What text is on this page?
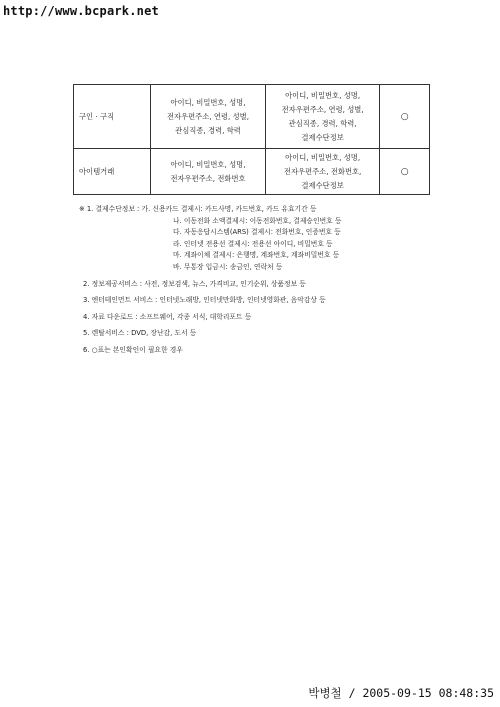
http://www.bcpark.net
구인 · 구직	아이디, 비밀번호, 성명,
전자우편주소, 연령, 성별,
관심직종, 경력, 학력	아이디, 비밀번호, 성명,
전자우편주소, 연령, 성별,
관심직종, 경력, 학력,
결제수단정보	○
아이템거래	아이디, 비밀번호, 성명,
전자우편주소, 전화번호	아이디, 비밀번호, 성명,
전자우편주소, 전화번호,
결제수단정보	○
※ 1. 결제수단정보 : 가. 신용카드 결제시: 카드사명, 카드번호, 카드 유효기간 등
나. 이동전화 소액결제시: 이동전화번호, 결제승인번호 등
다. 자동응답시스템(ARS) 결제시: 전화번호, 인증번호 등
라. 인터넷 전용선 결제시: 전용선 아이디, 비밀번호 등
마. 계좌이체 결제시: 은행명, 계좌번호, 계좌비밀번호 등
바. 무통장 입금시: 송금인, 연락처 등
2. 정보제공서비스 : 사전, 정보검색, 뉴스, 가격비교, 인기순위, 상품정보 등
3. 엔터테인먼트 서비스 : 인터넷노래방, 인터넷만화방, 인터넷영화관, 음악감상 등
4. 자료 다운로드 : 소프트웨어, 각종 서식, 대학리포트 등
5. 렌탈서비스 : DVD, 장난감, 도서 등
6. ○표는 본인확인이 필요한 경우
박병철 / 2005-09-15 08:48:35
